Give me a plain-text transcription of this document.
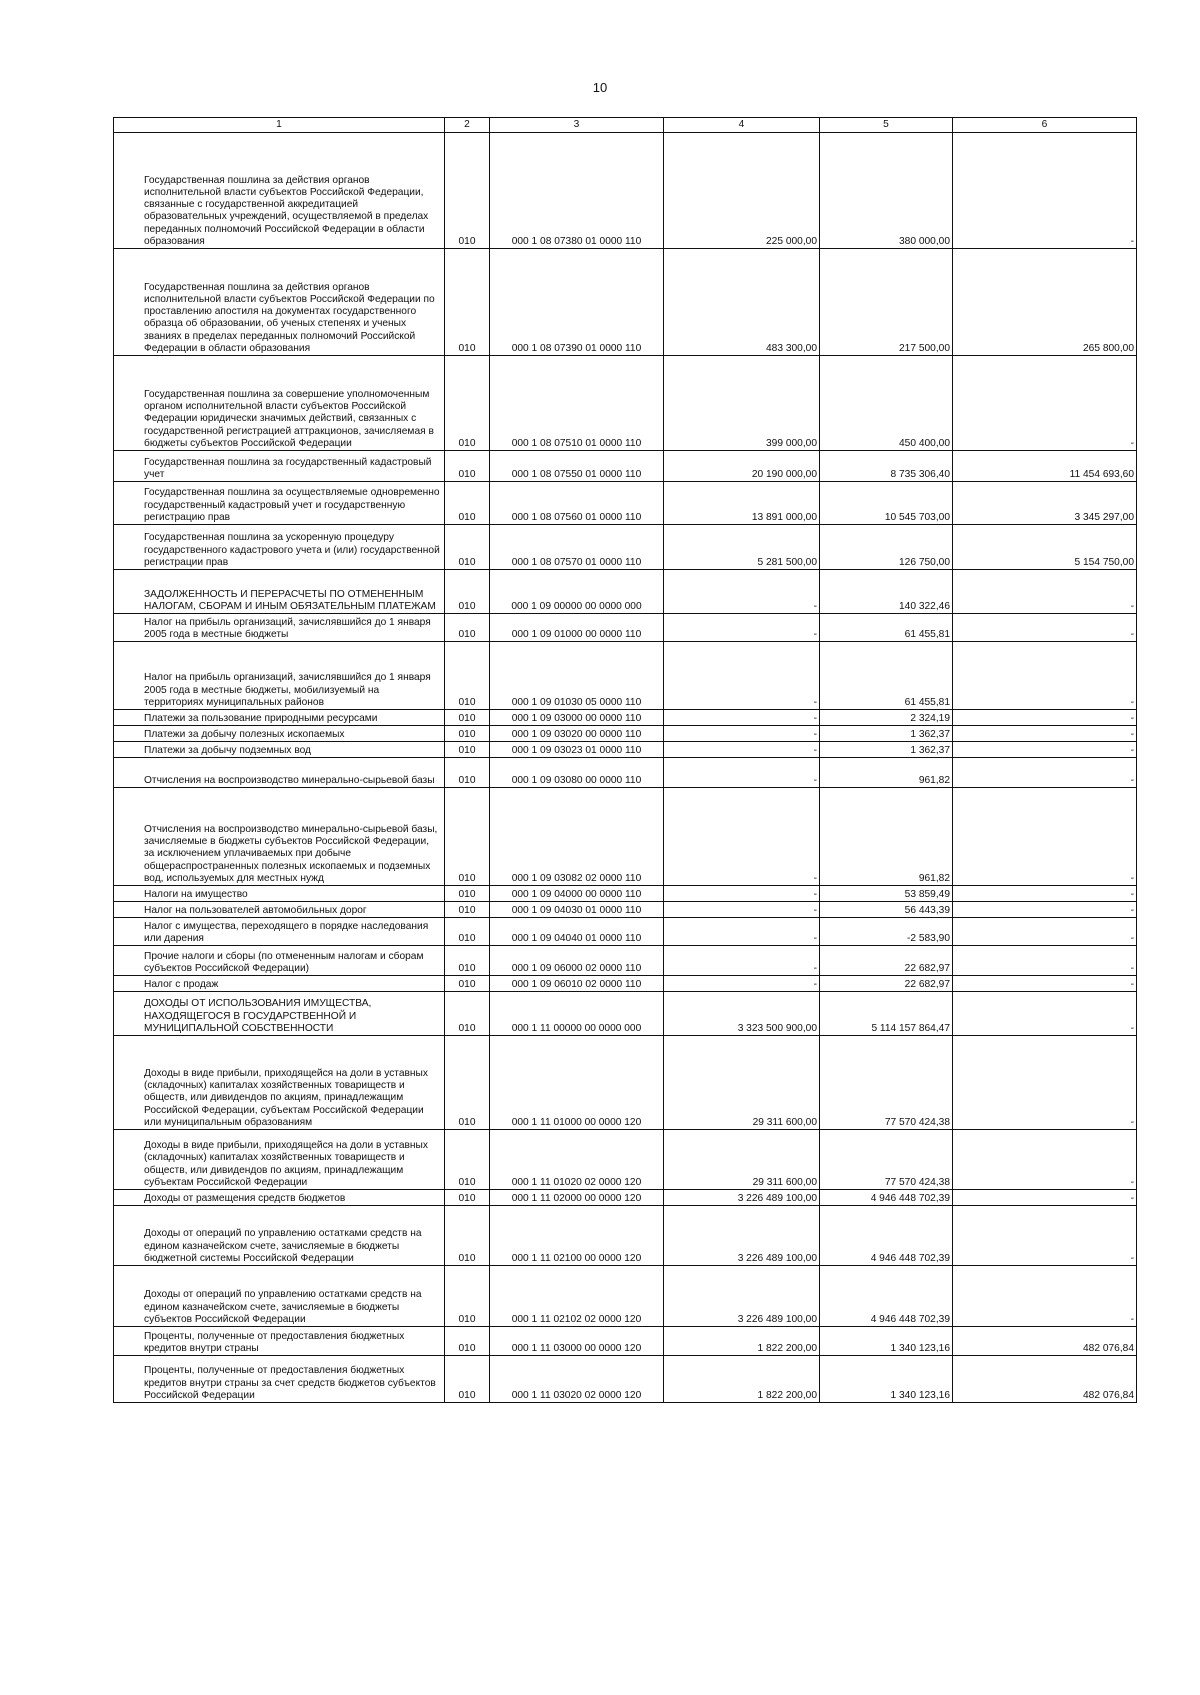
10
1	2	3	4	5	6
Государственная пошлина за действия органов исполнительной власти субъектов Российской Федерации, связанные с государственной аккредитацией образовательных учреждений, осуществляемой в пределах переданных полномочий Российской Федерации в области образования	010	000 1 08 07380 01 0000 110	225 000,00	380 000,00	-
Государственная пошлина за действия органов исполнительной власти субъектов Российской Федерации по проставлению апостиля на документах государственного образца об образовании, об ученых степенях и ученых званиях в пределах переданных полномочий Российской Федерации в области образования	010	000 1 08 07390 01 0000 110	483 300,00	217 500,00	265 800,00
Государственная пошлина за совершение уполномоченным органом исполнительной власти субъектов Российской Федерации юридически значимых действий, связанных с государственной регистрацией аттракционов, зачисляемая в бюджеты субъектов Российской Федерации	010	000 1 08 07510 01 0000 110	399 000,00	450 400,00	-
Государственная пошлина за государственный кадастровый учет	010	000 1 08 07550 01 0000 110	20 190 000,00	8 735 306,40	11 454 693,60
Государственная пошлина за осуществляемые одновременно государственный кадастровый учет и государственную регистрацию прав	010	000 1 08 07560 01 0000 110	13 891 000,00	10 545 703,00	3 345 297,00
Государственная пошлина за ускоренную процедуру государственного кадастрового учета и (или) государственной регистрации прав	010	000 1 08 07570 01 0000 110	5 281 500,00	126 750,00	5 154 750,00
ЗАДОЛЖЕННОСТЬ И ПЕРЕРАСЧЕТЫ ПО ОТМЕНЕННЫМ НАЛОГАМ, СБОРАМ И ИНЫМ ОБЯЗАТЕЛЬНЫМ ПЛАТЕЖАМ	010	000 1 09 00000 00 0000 000	-	140 322,46	-
Налог на прибыль организаций, зачислявшийся до 1 января 2005 года в местные бюджеты	010	000 1 09 01000 00 0000 110	-	61 455,81	-
Налог на прибыль организаций, зачислявшийся до 1 января 2005 года в местные бюджеты, мобилизуемый на территориях муниципальных районов	010	000 1 09 01030 05 0000 110	-	61 455,81	-
Платежи за пользование природными ресурсами	010	000 1 09 03000 00 0000 110	-	2 324,19	-
Платежи за добычу полезных ископаемых	010	000 1 09 03020 00 0000 110	-	1 362,37	-
Платежи за добычу подземных вод	010	000 1 09 03023 01 0000 110	-	1 362,37	-
Отчисления на воспроизводство минерально-сырьевой базы	010	000 1 09 03080 00 0000 110	-	961,82	-
Отчисления на воспроизводство минерально-сырьевой базы, зачисляемые в бюджеты субъектов Российской Федерации, за исключением уплачиваемых при добыче общераспространенных полезных ископаемых и подземных вод, используемых для местных нужд	010	000 1 09 03082 02 0000 110	-	961,82	-
Налоги на имущество	010	000 1 09 04000 00 0000 110	-	53 859,49	-
Налог на пользователей автомобильных дорог	010	000 1 09 04030 01 0000 110	-	56 443,39	-
Налог с имущества, переходящего в порядке наследования или дарения	010	000 1 09 04040 01 0000 110	-	-2 583,90	-
Прочие налоги и сборы (по отмененным налогам и сборам субъектов Российской Федерации)	010	000 1 09 06000 02 0000 110	-	22 682,97	-
Налог с продаж	010	000 1 09 06010 02 0000 110	-	22 682,97	-
ДОХОДЫ ОТ ИСПОЛЬЗОВАНИЯ ИМУЩЕСТВА, НАХОДЯЩЕГОСЯ В ГОСУДАРСТВЕННОЙ И МУНИЦИПАЛЬНОЙ СОБСТВЕННОСТИ	010	000 1 11 00000 00 0000 000	3 323 500 900,00	5 114 157 864,47	-
Доходы в виде прибыли, приходящейся на доли в уставных (складочных) капиталах хозяйственных товариществ и обществ, или дивидендов по акциям, принадлежащим Российской Федерации, субъектам Российской Федерации или муниципальным образованиям	010	000 1 11 01000 00 0000 120	29 311 600,00	77 570 424,38	-
Доходы в виде прибыли, приходящейся на доли в уставных (складочных) капиталах хозяйственных товариществ и обществ, или дивидендов по акциям, принадлежащим субъектам Российской Федерации	010	000 1 11 01020 02 0000 120	29 311 600,00	77 570 424,38	-
Доходы от размещения средств бюджетов	010	000 1 11 02000 00 0000 120	3 226 489 100,00	4 946 448 702,39	-
Доходы от операций по управлению остатками средств на едином казначейском счете, зачисляемые в бюджеты бюджетной системы Российской Федерации	010	000 1 11 02100 00 0000 120	3 226 489 100,00	4 946 448 702,39	-
Доходы от операций по управлению остатками средств на едином казначейском счете, зачисляемые в бюджеты субъектов Российской Федерации	010	000 1 11 02102 02 0000 120	3 226 489 100,00	4 946 448 702,39	-
Проценты, полученные от предоставления бюджетных кредитов внутри страны	010	000 1 11 03000 00 0000 120	1 822 200,00	1 340 123,16	482 076,84
Проценты, полученные от предоставления бюджетных кредитов внутри страны за счет средств бюджетов субъектов Российской Федерации	010	000 1 11 03020 02 0000 120	1 822 200,00	1 340 123,16	482 076,84
